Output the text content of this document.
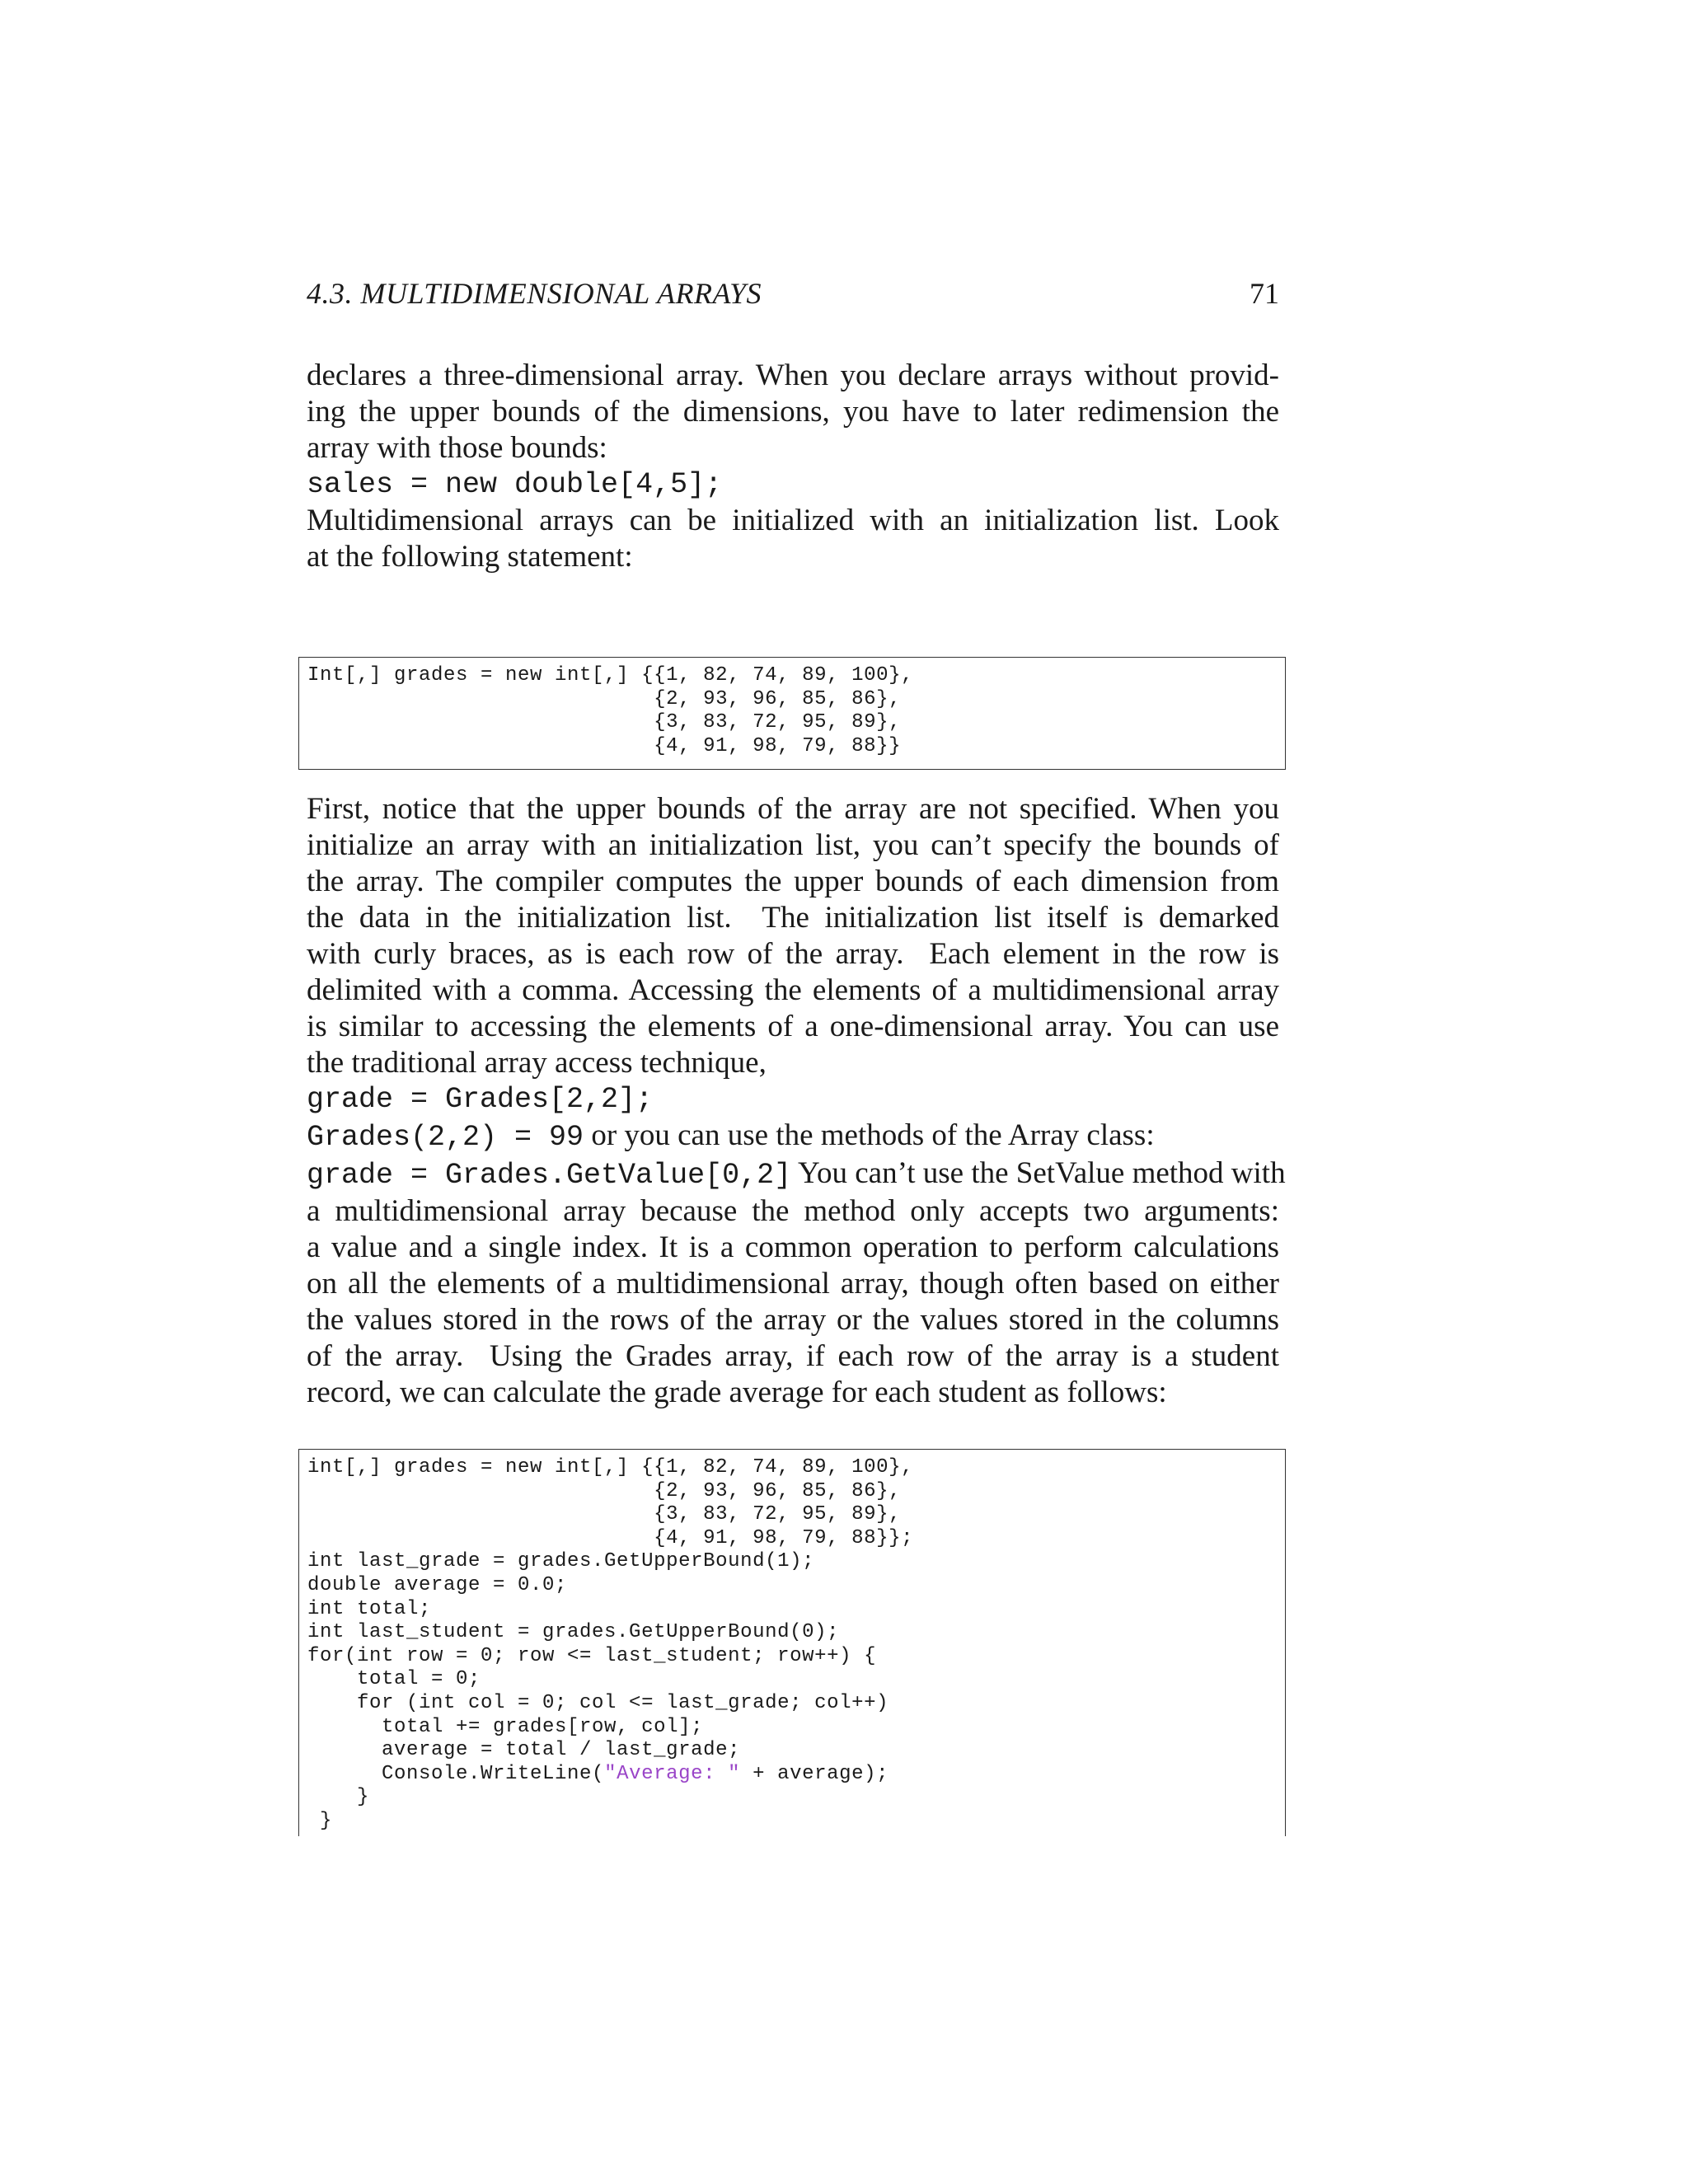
4.3. MULTIDIMENSIONAL ARRAYS	71
declares a three-dimensional array. When you declare arrays without provid-
ing the upper bounds of the dimensions, you have to later redimension the
array with those bounds:
sales = new double[4,5];
Multidimensional arrays can be initialized with an initialization list. Look
at the following statement:
Int[,] grades = new int[,] {{1, 82, 74, 89, 100},
{2, 93, 96, 85, 86},
{3, 83, 72, 95, 89},
{4, 91, 98, 79, 88}}
First, notice that the upper bounds of the array are not specified. When you
initialize an array with an initialization list, you can’t specify the bounds of
the array. The compiler computes the upper bounds of each dimension from
the data in the initialization list.  The initialization list itself is demarked
with curly braces, as is each row of the array.  Each element in the row is
delimited with a comma. Accessing the elements of a multidimensional array
is similar to accessing the elements of a one-dimensional array. You can use
the traditional array access technique,
grade = Grades[2,2];
Grades(2,2) = 99 or you can use the methods of the Array class:
grade = Grades.GetValue[0,2] You can’t use the SetValue method with
a multidimensional array because the method only accepts two arguments:
a value and a single index. It is a common operation to perform calculations
on all the elements of a multidimensional array, though often based on either
the values stored in the rows of the array or the values stored in the columns
of the array.  Using the Grades array, if each row of the array is a student
record, we can calculate the grade average for each student as follows:
int[,] grades = new int[,] {{1, 82, 74, 89, 100},
{2, 93, 96, 85, 86},
{3, 83, 72, 95, 89},
{4, 91, 98, 79, 88}};
int last_grade = grades.GetUpperBound(1);
double average = 0.0;
int total;
int last_student = grades.GetUpperBound(0);
for(int row = 0; row <= last_student; row++) {
total = 0;
for (int col = 0; col <= last_grade; col++)
total += grades[row, col];
average = total / last_grade;
Console.WriteLine("Average: " + average);
}
}
